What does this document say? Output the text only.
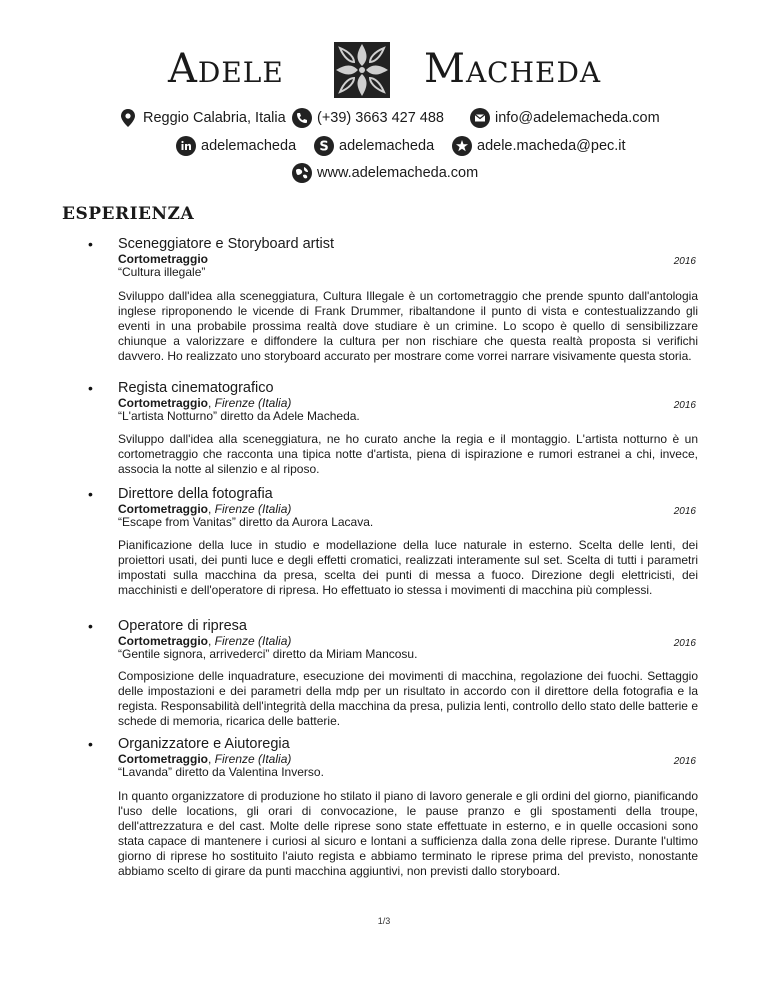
Adele	Macheda
Reggio Calabria, Italia (+39) 3663 427 488	info@adelemacheda.com
adelemacheda S adelemacheda	adele.macheda@pec.it
www.adelemacheda.com
ESPERIENZA
• Sceneggiatore e Storyboard artist
Cortometraggio	2016
“Cultura illegale”

Sviluppo dall'idea alla sceneggiatura, Cultura Illegale è un cortometraggio che prende spunto dall'antologia inglese riproponendo le vicende di Frank Drummer, ribaltandone il punto di vista e contestualizzando gli eventi in una probabile prossima realtà dove studiare è un crimine. Lo scopo è quello di sensibilizzare chiunque a valorizzare e diffondere la cultura per non rischiare che questa realtà proposta si verifichi davvero. Ho realizzato uno storyboard accurato per mostrare come vorrei narrare visivamente questa storia.

• Regista cinematografico
Cortometraggio, Firenze (Italia)	2016
“L'artista Notturno” diretto da Adele Macheda.

Sviluppo dall'idea alla sceneggiatura, ne ho curato anche la regia e il montaggio. L'artista notturno è un cortometraggio che racconta una tipica notte d'artista, piena di ispirazione e rumori estranei a chi, invece, associa la notte al silenzio e al riposo.

• Direttore della fotografia
Cortometraggio, Firenze (Italia)	2016
“Escape from Vanitas” diretto da Aurora Lacava.

Pianificazione della luce in studio e modellazione della luce naturale in esterno. Scelta delle lenti, dei proiettori usati, dei punti luce e degli effetti cromatici, realizzati interamente sul set. Scelta di tutti i parametri impostati sulla macchina da presa, scelta dei punti di messa a fuoco. Direzione degli elettricisti, dei macchinisti e dell'operatore di ripresa. Ho effettuato io stessa i movimenti di macchina più complessi.

• Operatore di ripresa
Cortometraggio, Firenze (Italia)	2016
“Gentile signora, arrivederci” diretto da Miriam Mancosu.

Composizione delle inquadrature, esecuzione dei movimenti di macchina, regolazione dei fuochi. Settaggio delle impostazioni e dei parametri della mdp per un risultato in accordo con il direttore della fotografia e la regista. Responsabilità dell'integrità della macchina da presa, pulizia lenti, controllo dello stato delle batterie e schede di memoria, ricarica delle batterie.

• Organizzatore e Aiutoregia
Cortometraggio, Firenze (Italia)	2016
“Lavanda” diretto da Valentina Inverso.

In quanto organizzatore di produzione ho stilato il piano di lavoro generale e gli ordini del giorno, pianificando l'uso delle locations, gli orari di convocazione, le pause pranzo e gli spostamenti della troupe, dell'attrezzatura e del cast. Molte delle riprese sono state effettuate in esterno, e in quelle occasioni sono stata capace di mantenere i curiosi al sicuro e lontani a sufficienza dalla zona delle riprese. Durante l'ultimo giorno di riprese ho sostituito l'aiuto regista e abbiamo terminato le riprese prima del previsto, nonostante abbiamo scelto di girare da punti macchina aggiuntivi, non previsti dallo storyboard.

1/3
